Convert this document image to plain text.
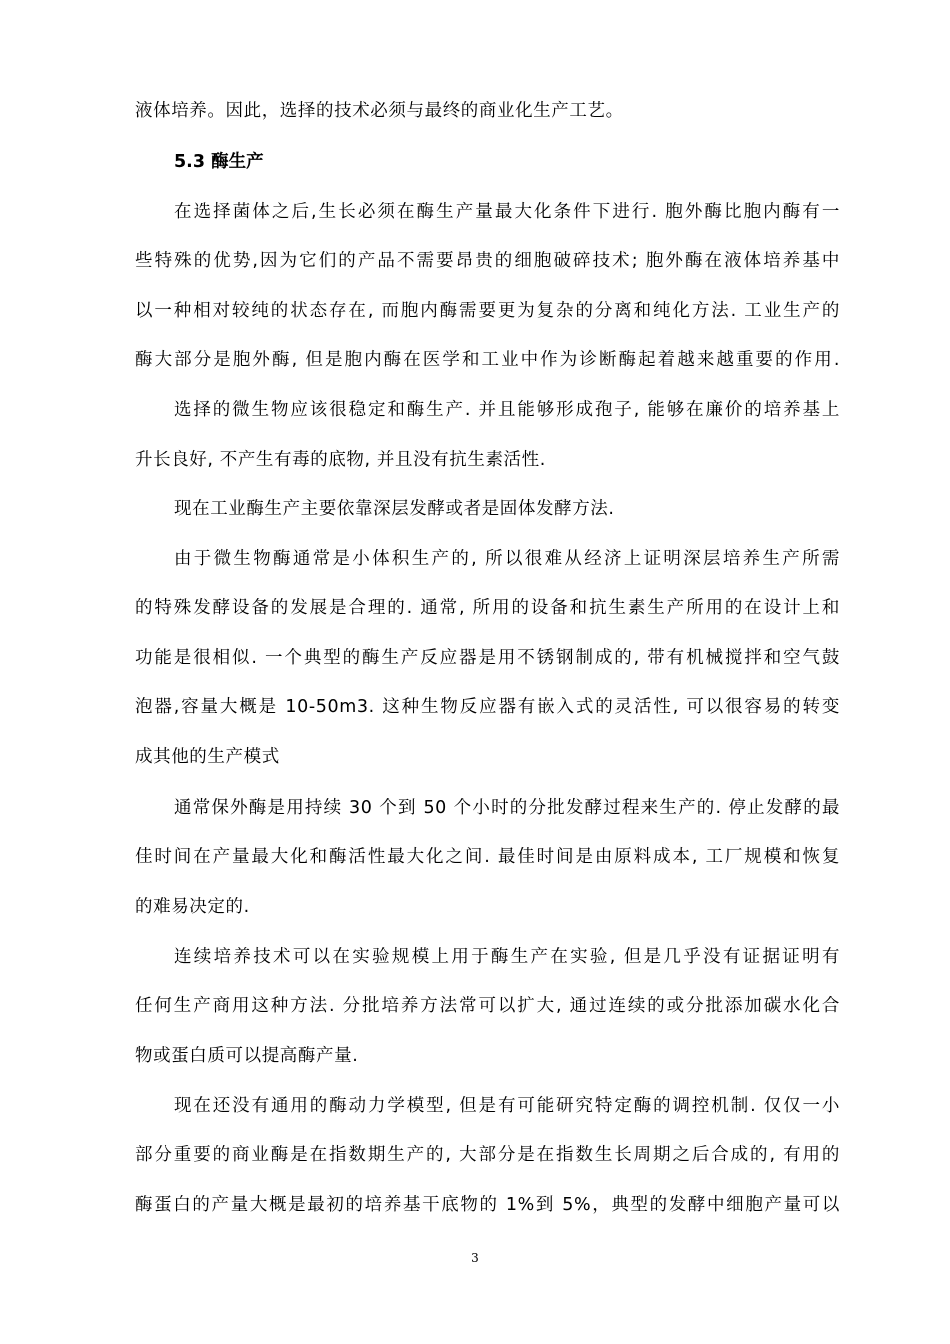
液体培养。因此，选择的技术必须与最终的商业化生产工艺。
5.3 酶生产
在选择菌体之后,生长必须在酶生产量最大化条件下进行. 胞外酶比胞内酶有一
些特殊的优势,因为它们的产品不需要昂贵的细胞破碎技术; 胞外酶在液体培养基中
以一种相对较纯的状态存在, 而胞内酶需要更为复杂的分离和纯化方法. 工业生产的
酶大部分是胞外酶, 但是胞内酶在医学和工业中作为诊断酶起着越来越重要的作用.
选择的微生物应该很稳定和酶生产. 并且能够形成孢子, 能够在廉价的培养基上
升长良好, 不产生有毒的底物, 并且没有抗生素活性.
现在工业酶生产主要依靠深层发酵或者是固体发酵方法.
由于微生物酶通常是小体积生产的, 所以很难从经济上证明深层培养生产所需
的特殊发酵设备的发展是合理的. 通常, 所用的设备和抗生素生产所用的在设计上和
功能是很相似. 一个典型的酶生产反应器是用不锈钢制成的, 带有机械搅拌和空气鼓
泡器,容量大概是 10-50m3. 这种生物反应器有嵌入式的灵活性, 可以很容易的转变
成其他的生产模式
通常保外酶是用持续 30 个到 50 个小时的分批发酵过程来生产的. 停止发酵的最
佳时间在产量最大化和酶活性最大化之间. 最佳时间是由原料成本, 工厂规模和恢复
的难易决定的.
连续培养技术可以在实验规模上用于酶生产在实验, 但是几乎没有证据证明有
任何生产商用这种方法. 分批培养方法常可以扩大, 通过连续的或分批添加碳水化合
物或蛋白质可以提高酶产量.
现在还没有通用的酶动力学模型, 但是有可能研究特定酶的调控机制. 仅仅一小
部分重要的商业酶是在指数期生产的, 大部分是在指数生长周期之后合成的, 有用的
酶蛋白的产量大概是最初的培养基干底物的 1%到 5%，典型的发酵中细胞产量可以
3
